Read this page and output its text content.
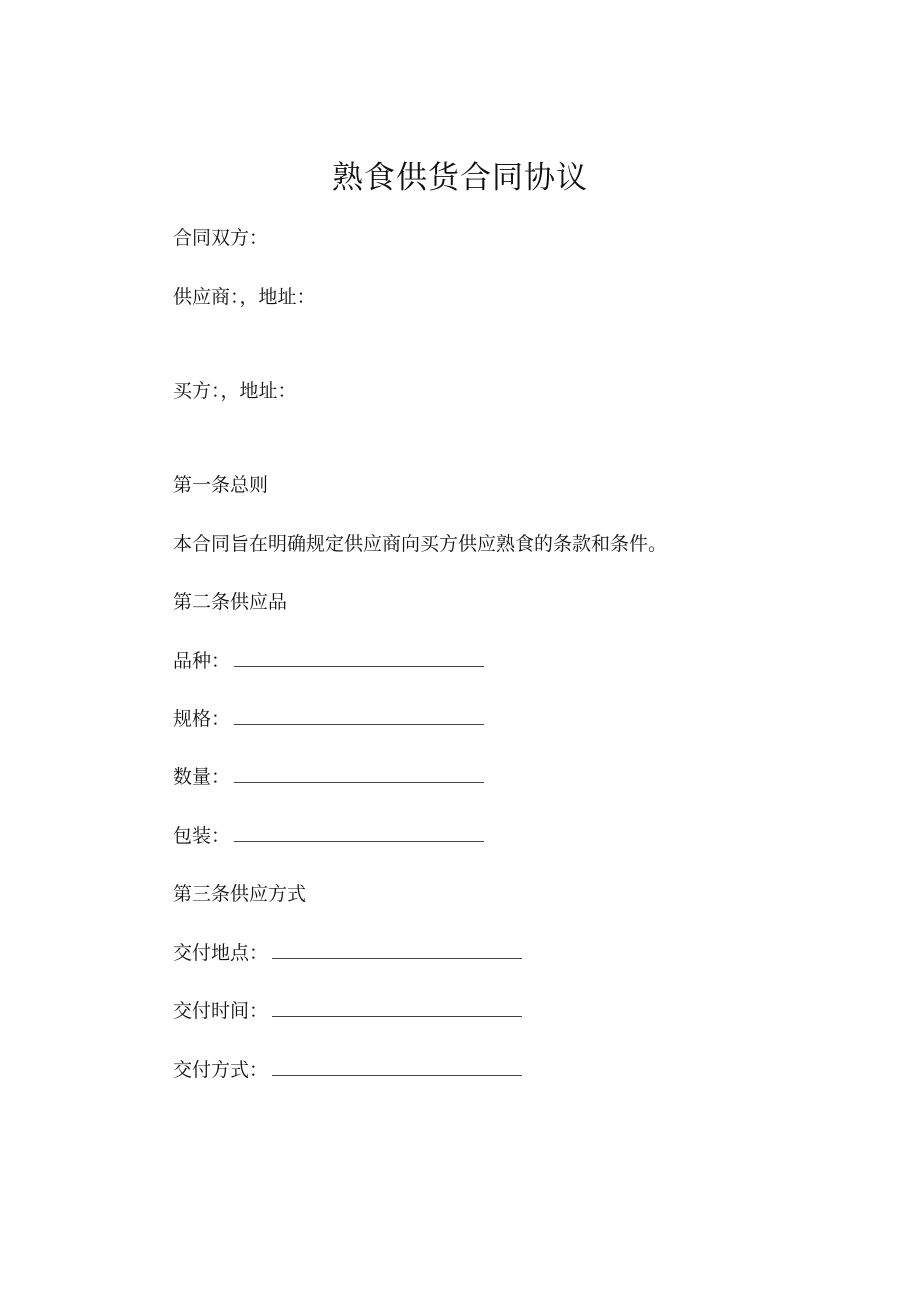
熟食供货合同协议
合同双方：
供应商：，地址：
买方：，地址：
第一条总则
本合同旨在明确规定供应商向买方供应熟食的条款和条件。
第二条供应品
品种：
规格：
数量：
包装：
第三条供应方式
交付地点：
交付时间：
交付方式：
